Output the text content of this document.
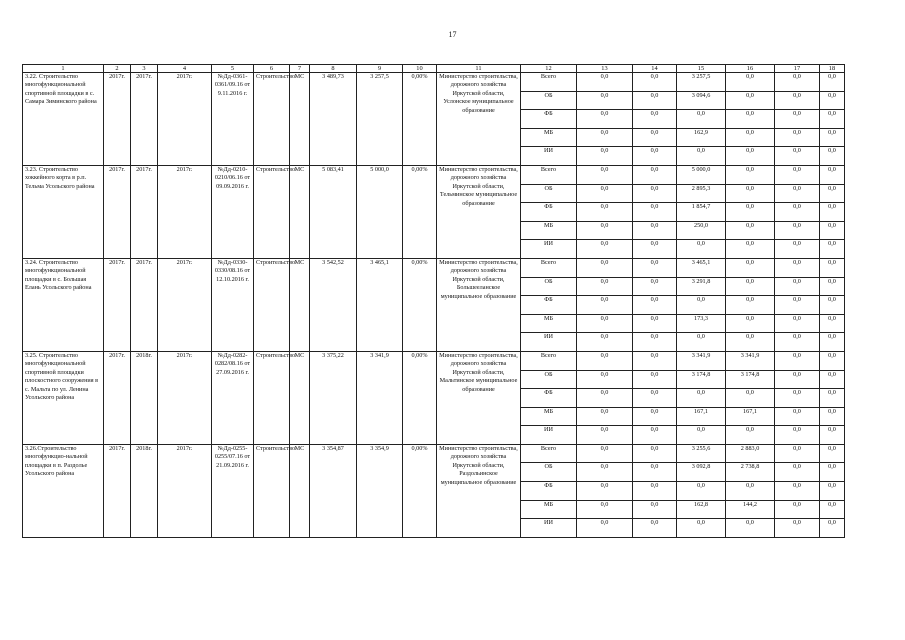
17
1	2	3	4	5	6	7	8	9	10	11	12	13	14	15	16	17	18
3.22. Строительство многофункциональной спортивной площадки в с. Самара Зиминского района	2017г.	2017г.	2017г.	№Дд-0361-0361/09.16 от 9.11.2016 г.	Строительство	МС	3 489,73	3 257,5	0,00%	Министерство строительства, дорожного хозяйства Иркутской области, Услонское муниципальное образование	Всего	0,0	0,0	3 257,5	0,0	0,0	0,0
											ОБ	0,0	0,0	3 094,6	0,0	0,0	0,0
											ФБ	0,0	0,0	0,0	0,0	0,0	0,0
											МБ	0,0	0,0	162,9	0,0	0,0	0,0
											ИИ	0,0	0,0	0,0	0,0	0,0	0,0
3.23. Строительство хоккейного корта в р.п. Тельма Усольского района	2017г.	2017г.	2017г.	№Дд-0210-0210/06.16 от 09.09.2016 г.	Строительство	МС	5 083,41	5 000,0	0,00%	Министерство строительства, дорожного хозяйства Иркутской области, Тельминское муниципальное образование	Всего	0,0	0,0	5 000,0	0,0	0,0	0,0
											ОБ	0,0	0,0	2 895,3	0,0	0,0	0,0
											ФБ	0,0	0,0	1 854,7	0,0	0,0	0,0
											МБ	0,0	0,0	250,0	0,0	0,0	0,0
											ИИ	0,0	0,0	0,0	0,0	0,0	0,0
3.24. Строительство многофункциональной площадки в с. Большая Елань Усольского района	2017г.	2017г.	2017г.	№Дд-0330-0330/08.16 от 12.10.2016 г.	Строительство	МС	3 542,52	3 465,1	0,00%	Министерство строительства, дорожного хозяйства Иркутской области, Большееланское муниципальное образование	Всего	0,0	0,0	3 465,1	0,0	0,0	0,0
											ОБ	0,0	0,0	3 291,8	0,0	0,0	0,0
											ФБ	0,0	0,0	0,0	0,0	0,0	0,0
											МБ	0,0	0,0	173,3	0,0	0,0	0,0
											ИИ	0,0	0,0	0,0	0,0	0,0	0,0
3.25. Строительство многофункциональной спортивной площадки плоскостного сооружения в с. Мальта по ул. Ленина Усольского района	2017г.	2018г.	2017г.	№Дд-0282-0282/08.16 от 27.09.2016 г.	Строительство	МС	3 375,22	3 341,9	0,00%	Министерство строительства, дорожного хозяйства Иркутской области, Мальтинское муниципальное образование	Всего	0,0	0,0	3 341,9	3 341,9	0,0	0,0
											ОБ	0,0	0,0	3 174,8	3 174,8	0,0	0,0
											ФБ	0,0	0,0	0,0	0,0	0,0	0,0
											МБ	0,0	0,0	167,1	167,1	0,0	0,0
											ИИ	0,0	0,0	0,0	0,0	0,0	0,0
3.26.Строительство многофункцио-нальной площадки в п. Раздолье Усольского района	2017г.	2018г.	2017г.	№Дд-0255-0255/07.16 от 21.09.2016 г.	Строительство	МС	3 354,87	3 354,9	0,00%	Министерство строительства, дорожного хозяйства Иркутской области, Раздольинское муниципальное образование	Всего	0,0	0,0	3 255,6	2 883,0	0,0	0,0
											ОБ	0,0	0,0	3 092,8	2 738,8	0,0	0,0
											ФБ	0,0	0,0	0,0	0,0	0,0	0,0
											МБ	0,0	0,0	162,8	144,2	0,0	0,0
											ИИ	0,0	0,0	0,0	0,0	0,0	0,0
